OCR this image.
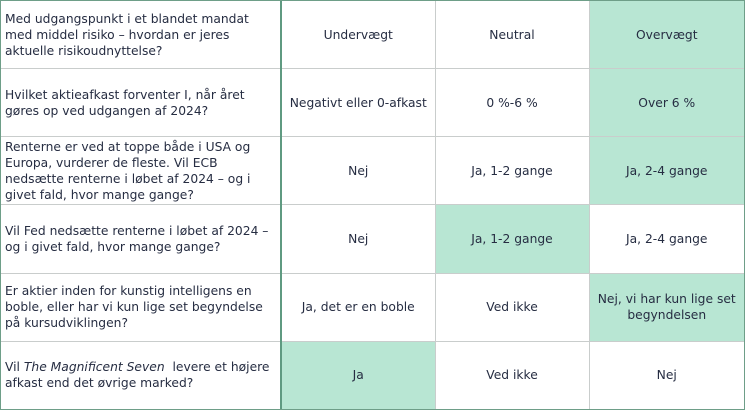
Med udgangspunkt i et blandet mandat med middel risiko – hvordan er jeres aktuelle risikoudnyttelse?	Undervægt	Neutral	Overvægt
Hvilket aktieafkast forventer I, når året gøres op ved udgangen af 2024?	Negativt eller 0-afkast	0 %-6 %	Over 6 %
Renterne er ved at toppe både i USA og Europa, vurderer de fleste. Vil ECB nedsætte renterne i løbet af 2024 – og i givet fald, hvor mange gange?	Nej	Ja, 1-2 gange	Ja, 2-4 gange
Vil Fed nedsætte renterne i løbet af 2024 – og i givet fald, hvor mange gange?	Nej	Ja, 1-2 gange	Ja, 2-4 gange
Er aktier inden for kunstig intelligens en boble, eller har vi kun lige set begyndelse på kursudviklingen?	Ja, det er en boble	Ved ikke	Nej, vi har kun lige set begyndelsen
Vil The Magnificent Seven  levere et højere afkast end det øvrige marked?	Ja	Ved ikke	Nej
